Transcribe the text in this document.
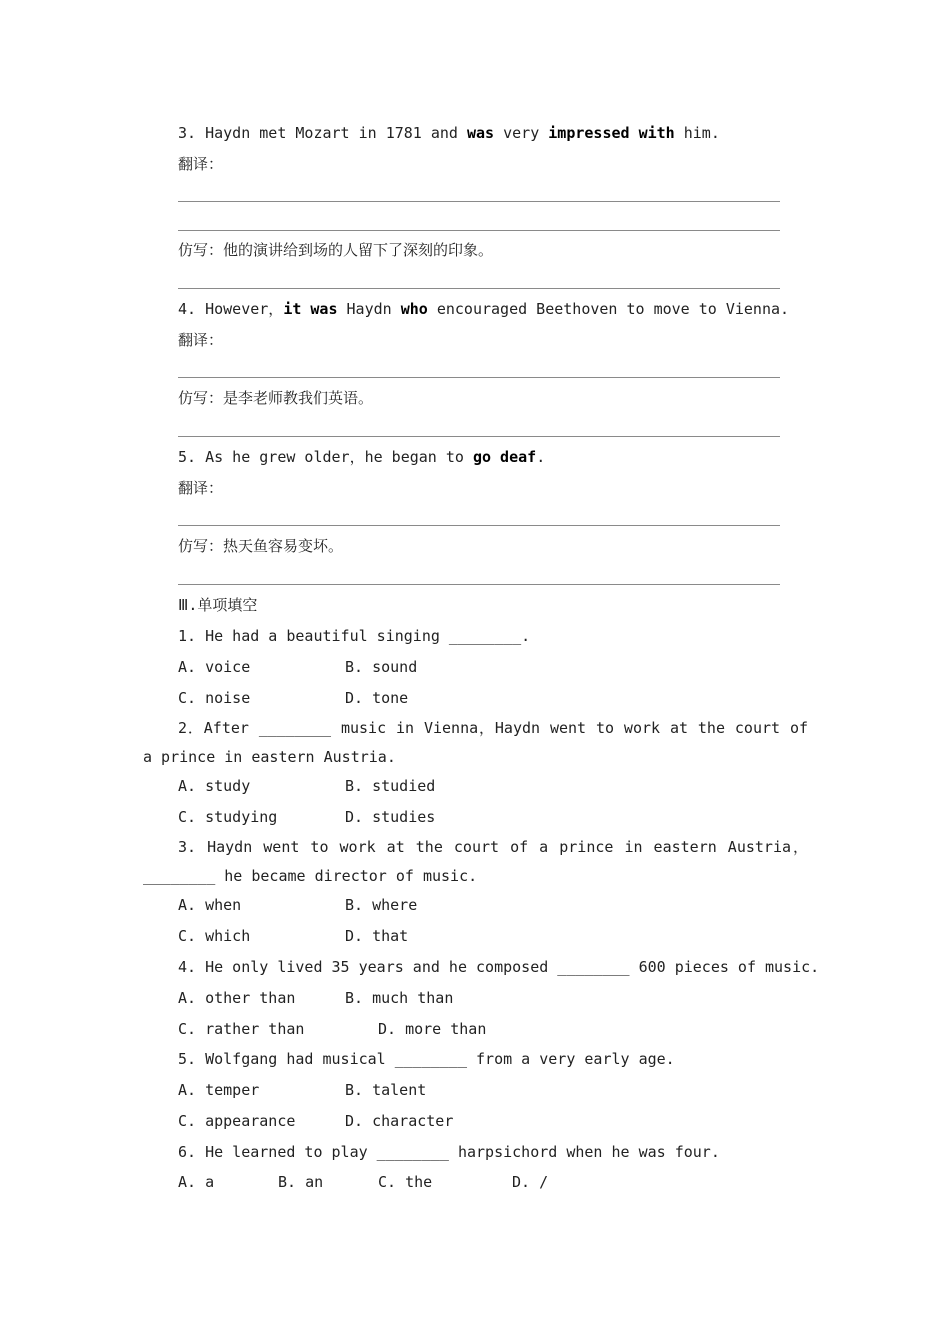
3. Haydn met Mozart in 1781 and was very impressed with him.
翻译：
仿写：他的演讲给到场的人留下了深刻的印象。
4. However，it was Haydn who encouraged Beethoven to move to Vienna.
翻译：
仿写：是李老师教我们英语。
5. As he grew older，he began to go deaf.
翻译：
仿写：热天鱼容易变坏。
Ⅲ.单项填空
1. He had a beautiful singing ________.
A. voice	B. sound
C. noise	D. tone
2．After ________ music in Vienna，Haydn went to work at the court of a prince in eastern Austria.
A. study	B. studied
C. studying	D. studies
3. Haydn went to work at the court of a prince in eastern Austria，________ he became director of music.
A. when	B. where
C. which	D. that
4. He only lived 35 years and he composed ________ 600 pieces of music.
A. other than	B. much than
C. rather than	D. more than
5. Wolfgang had musical ________ from a very early age.
A. temper	B. talent
C. appearance	D. character
6. He learned to play ________ harpsichord when he was four.
A. a	B. an	C. the	D. /
